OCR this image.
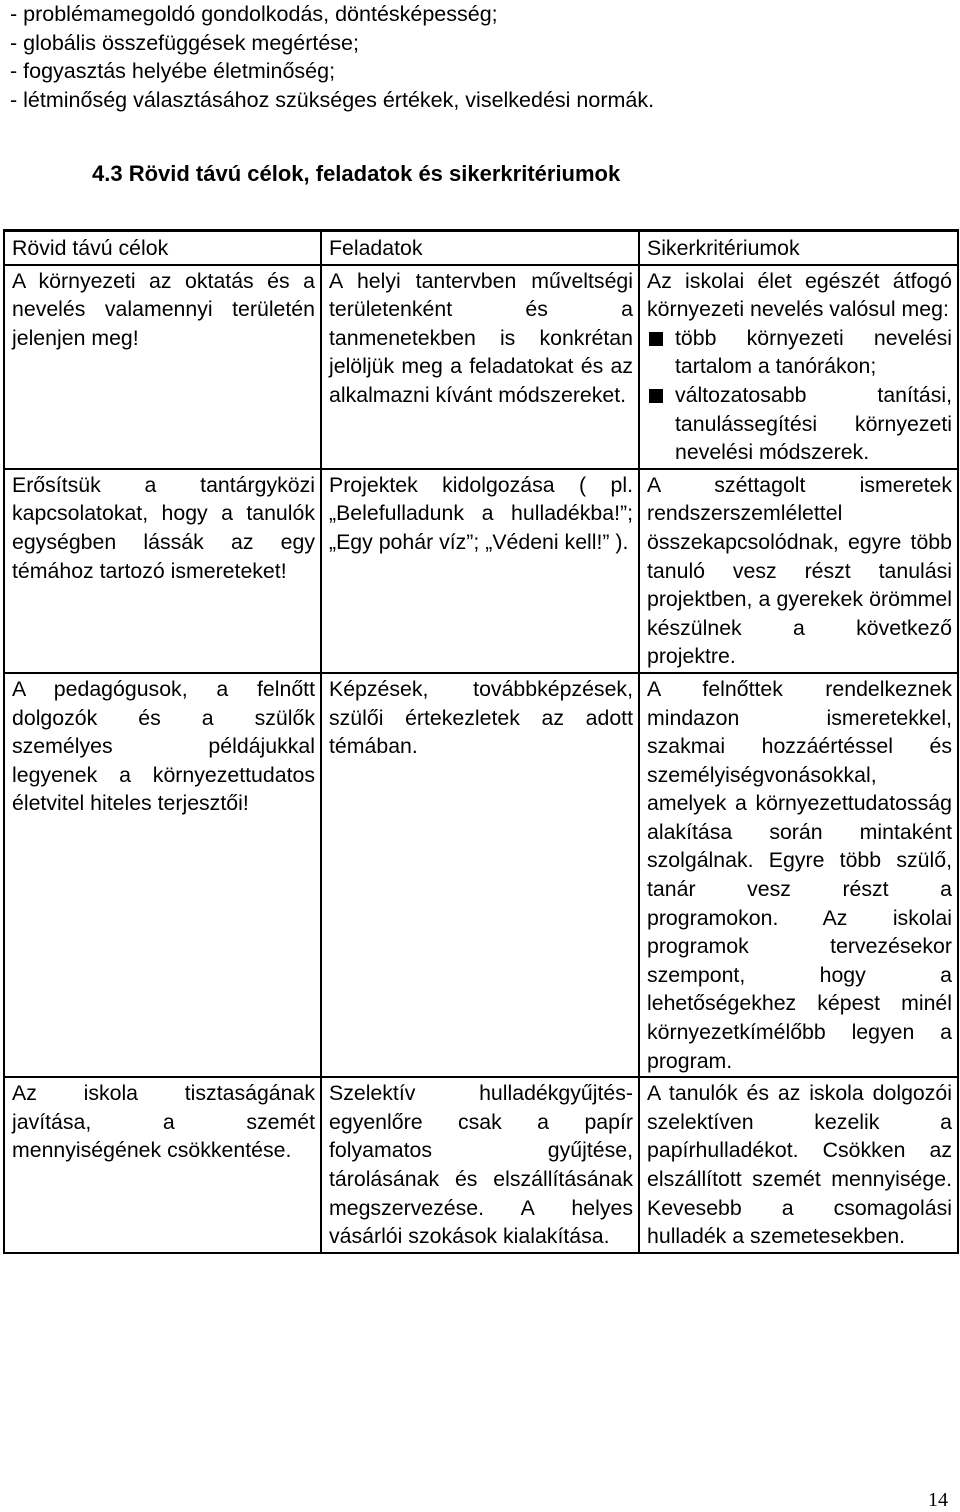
- problémamegoldó gondolkodás, döntésképesség;
- globális összefüggések megértése;
- fogyasztás helyébe életminőség;
- létminőség választásához szükséges értékek, viselkedési normák.
4.3 Rövid távú célok, feladatok és sikerkritériumok
Rövid távú célok	Feladatok	Sikerkritériumok
A környezeti az oktatás és a nevelés valamennyi területén jelenjen meg!	A helyi tantervben műveltségi területenként és a tanmenetekben is konkrétan jelöljük meg a feladatokat és az alkalmazni kívánt módszereket.	Az iskolai élet egészét átfogó környezeti nevelés valósul meg:
több környezeti nevelési tartalom a tanórákon;
változatosabb tanítási, tanulássegítési környezeti nevelési módszerek.

Erősítsük a tantárgyközi kapcsolatokat, hogy a tanulók egységben lássák az egy témához tartozó ismereteket!	Projektek kidolgozása ( pl. „Belefulladunk a hulladékba!”; „Egy pohár víz”; „Védeni kell!” ).	A széttagolt ismeretek rendszerszemlélettel összekapcsolódnak, egyre több tanuló vesz részt tanulási projektben, a gyerekek örömmel készülnek a következő projektre.
A pedagógusok, a felnőtt dolgozók és a szülők személyes példájukkal legyenek a környezettudatos életvitel hiteles terjesztői!	Képzések, továbbképzések, szülői értekezletek az adott témában.	A felnőttek rendelkeznek mindazon ismeretekkel, szakmai hozzáértéssel és személyiségvonásokkal, amelyek a környezettudatosság alakítása során mintaként szolgálnak. Egyre több szülő, tanár vesz részt a programokon. Az iskolai programok tervezésekor szempont, hogy a lehetőségekhez képest minél környezetkímélőbb legyen a program.
Az iskola tisztaságának javítása, a szemét mennyiségének csökkentése.	Szelektív hulladékgyűjtés-egyenlőre csak a papír folyamatos gyűjtése, tárolásának és elszállításának megszervezése. A helyes vásárlói szokások kialakítása.	A tanulók és az iskola dolgozói szelektíven kezelik a papírhulladékot. Csökken az elszállított szemét mennyisége. Kevesebb a csomagolási hulladék a szemetesekben.
14
